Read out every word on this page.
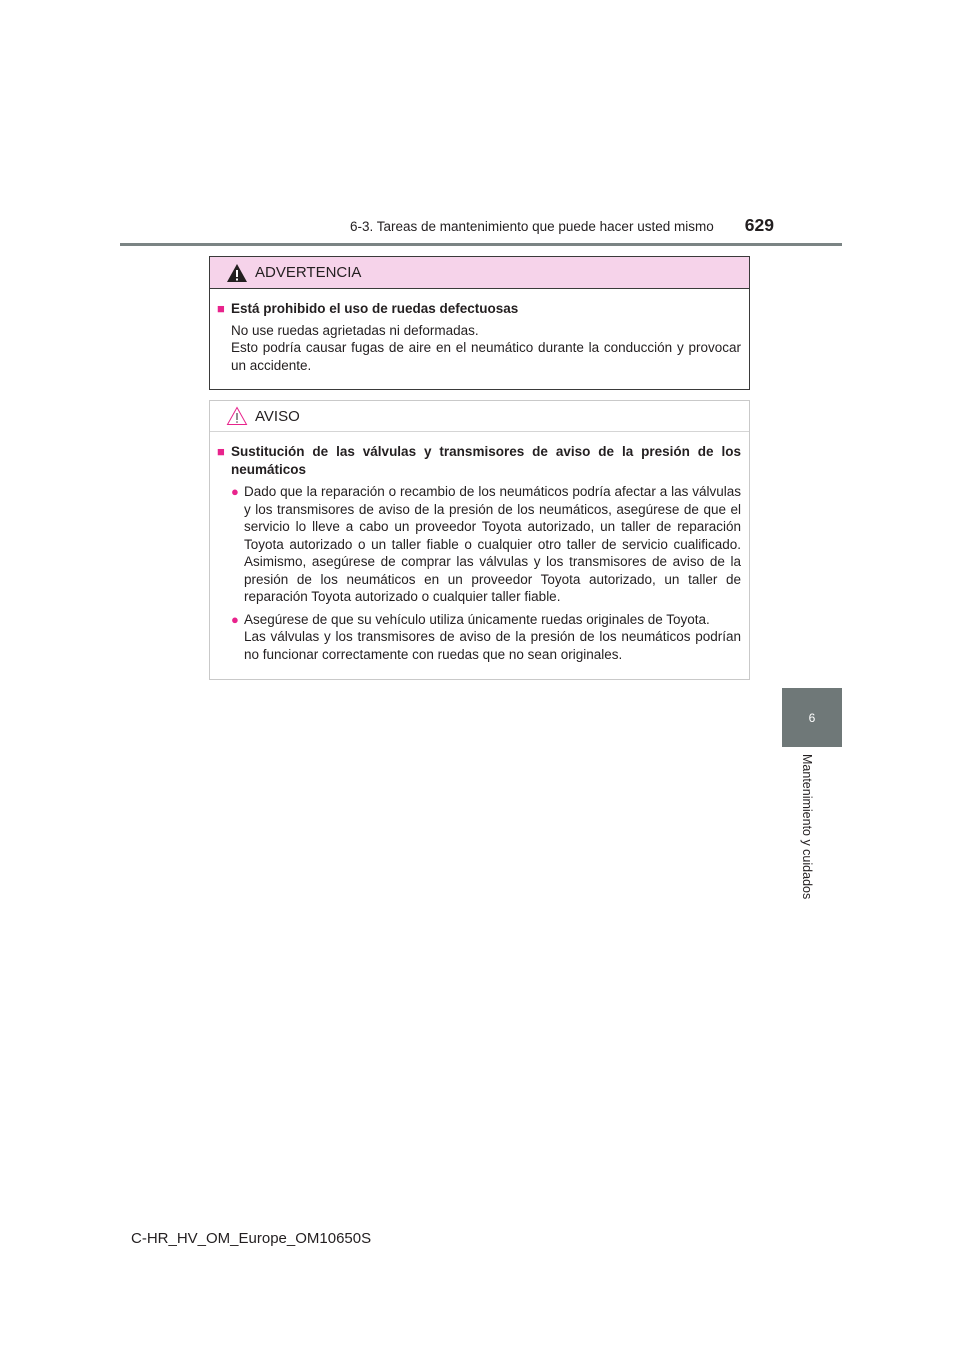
6-3. Tareas de mantenimiento que puede hacer usted mismo	629
6
Mantenimiento y cuidados
ADVERTENCIA
■ Está prohibido el uso de ruedas defectuosas
No use ruedas agrietadas ni deformadas.
Esto podría causar fugas de aire en el neumático durante la conducción y provocar un accidente.
AVISO
■ Sustitución de las válvulas y transmisores de aviso de la presión de los neumáticos
● Dado que la reparación o recambio de los neumáticos podría afectar a las válvulas y los transmisores de aviso de la presión de los neumáticos, asegúrese de que el servicio lo lleve a cabo un proveedor Toyota autorizado, un taller de reparación Toyota autorizado o un taller fiable o cualquier otro taller de servicio cualificado. Asimismo, asegúrese de comprar las válvulas y los transmisores de aviso de la presión de los neumáticos en un proveedor Toyota autorizado, un taller de reparación Toyota autorizado o cualquier taller fiable.
● Asegúrese de que su vehículo utiliza únicamente ruedas originales de Toyota.
Las válvulas y los transmisores de aviso de la presión de los neumáticos podrían no funcionar correctamente con ruedas que no sean originales.
C-HR_HV_OM_Europe_OM10650S
